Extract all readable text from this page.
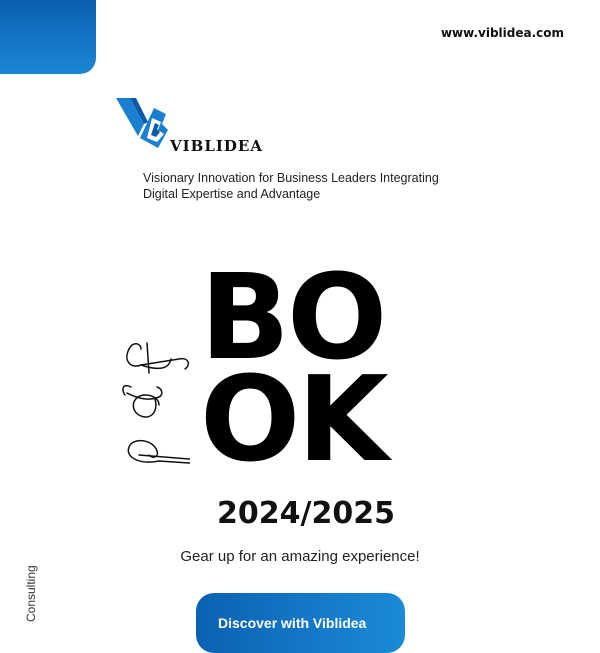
www.viblidea.com
VIBLIDEA
Visionary Innovation for Business Leaders Integrating
Digital Expertise and Advantage
BO
OK
2024/2025
Gear up for an amazing experience!
Discover with Viblidea
Consulting
